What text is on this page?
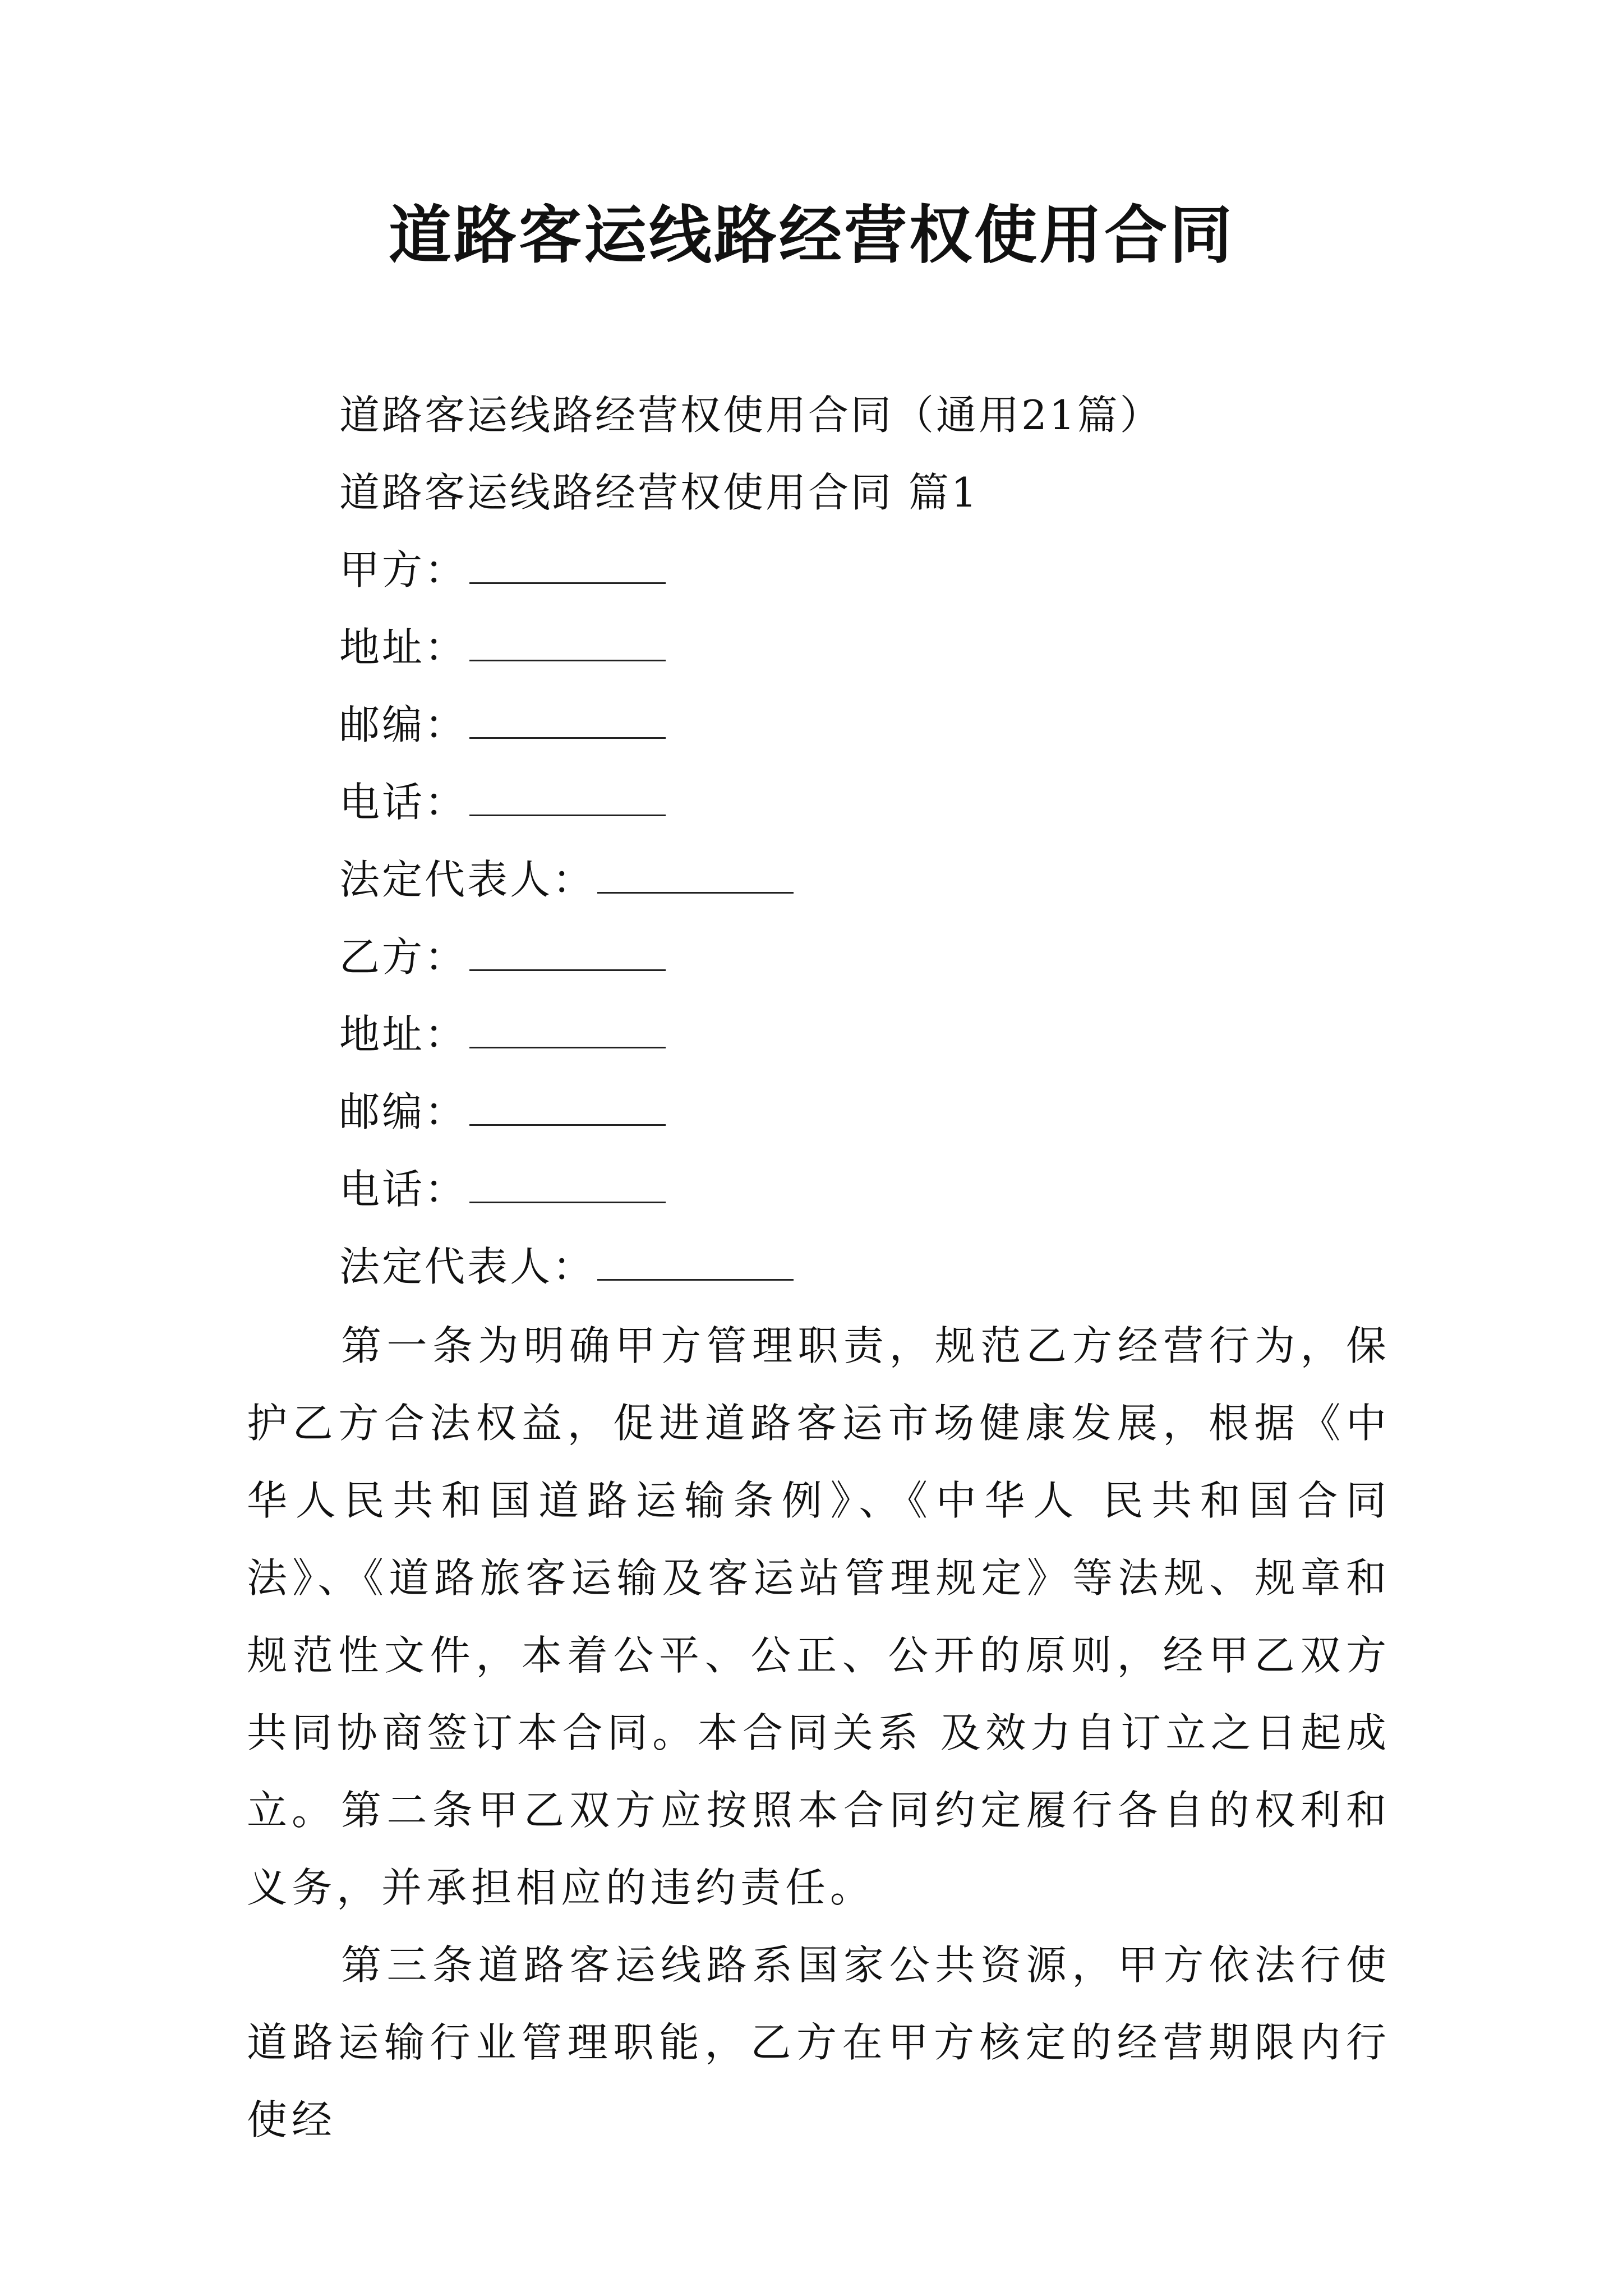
道路客运线路经营权使用合同
道路客运线路经营权使用合同（通用21篇）
道路客运线路经营权使用合同 篇1
甲方：
地址：
邮编：
电话：
法定代表人：
乙方：
地址：
邮编：
电话：
法定代表人：
第一条为明确甲方管理职责，规范乙方经营行为，保护乙方合法权益，促进道路客运市场健康发展，根据《中华人民共和国道路运输条例》、《中华人 民共和国合同法》、《道路旅客运输及客运站管理规定》等法规、规章和规范性文件，本着公平、公正、公开的原则，经甲乙双方共同协商签订本合同。本合同关系 及效力自订立之日起成立。 第二条甲乙双方应按照本合同约定履行各自的权利和义务，并承担相应的违约责任。
第三条道路客运线路系国家公共资源，甲方依法行使道路运输行业管理职能，乙方在甲方核定的经营期限内行使经
